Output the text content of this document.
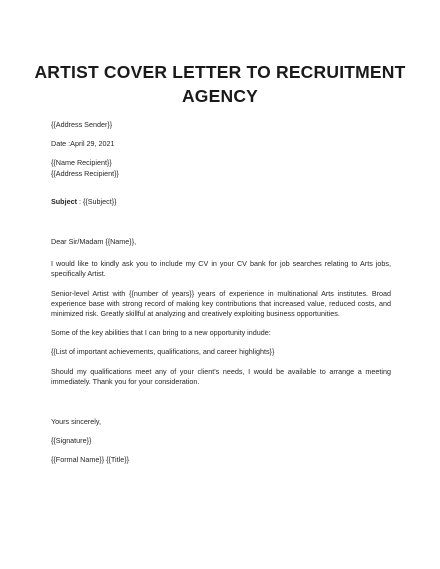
ARTIST COVER LETTER TO RECRUITMENT AGENCY

{{Address Sender}}

Date :April 29, 2021

{{Name Recipient}}

{{Address Recipient}}

Subject : {{Subject}}

Dear Sir/Madam {{Name}},

I would like to kindly ask you to include my CV in your CV bank for job searches relating to Arts jobs, specifically Artist.

Senior-level Artist with {{number of years}} years of experience in multinational Arts institutes. Broad experience base with strong record of making key contributions that increased value, reduced costs, and minimized risk. Greatly skillful at analyzing and creatively exploiting business opportunities.

Some of the key abilities that I can bring to a new opportunity indude:

{{List of important achievements, qualifications, and career highlights}}

Should my qualifications meet any of your client's needs, I would be available to arrange a meeting immediately. Thank you for your consideration.

Yours sincerely,

{{Signature}}

{{Formal Name}} {{Title}}
